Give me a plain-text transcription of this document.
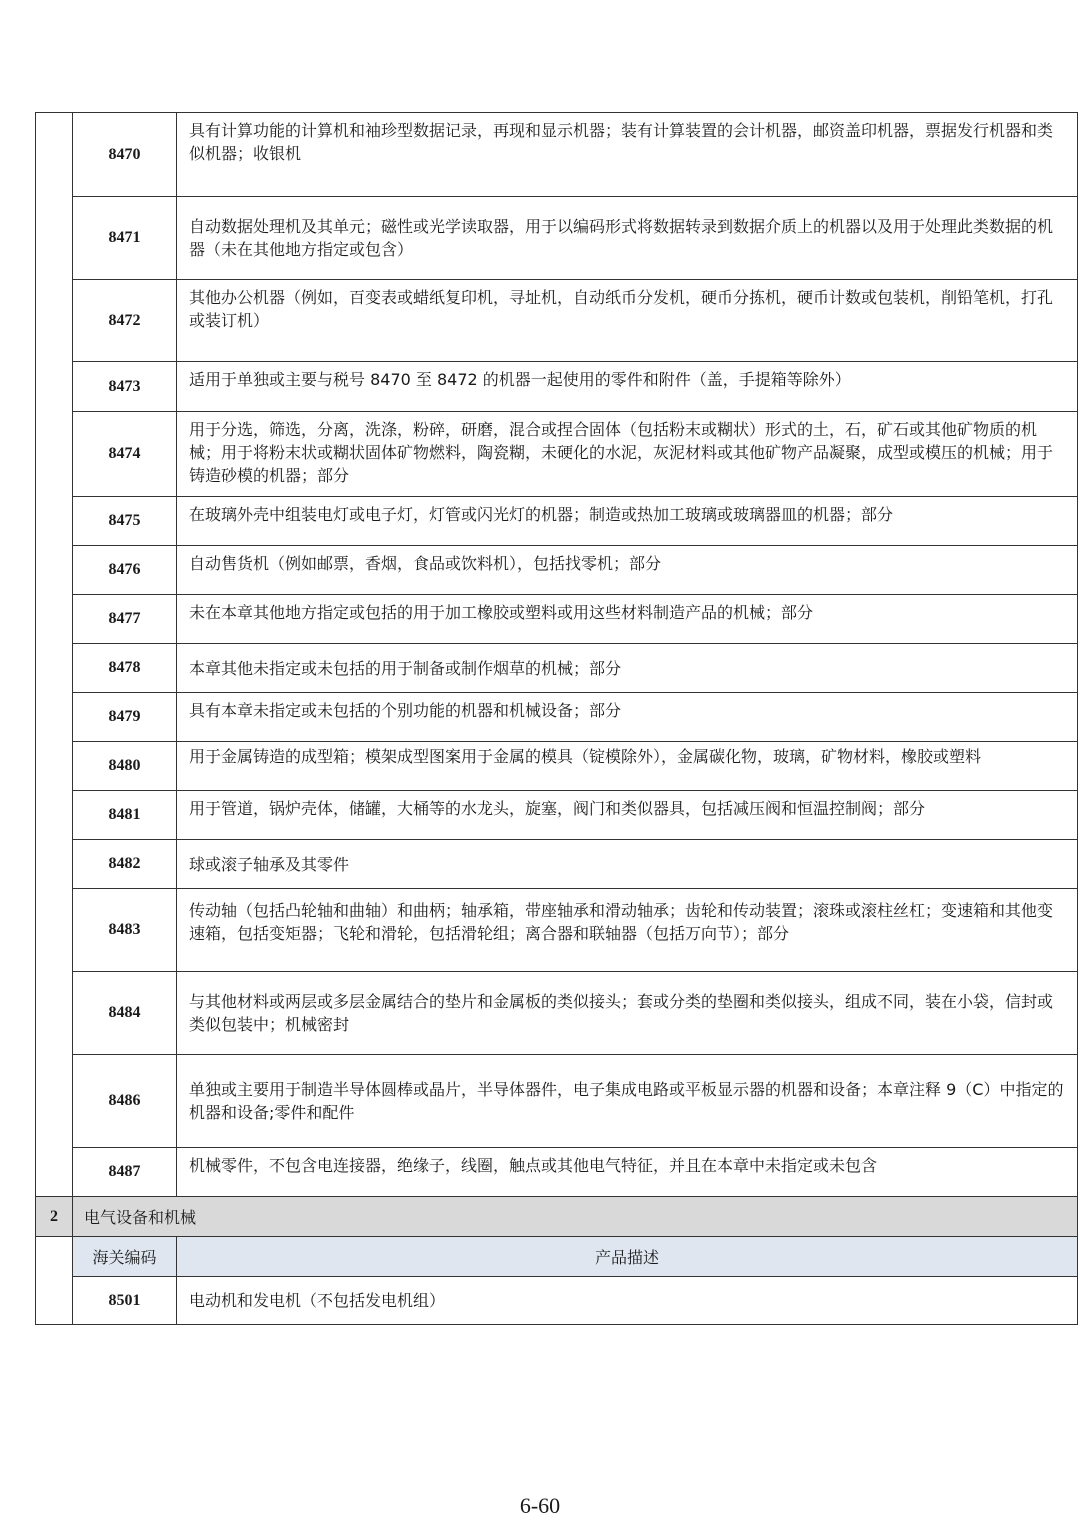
	8470	具有计算功能的计算机和袖珍型数据记录，再现和显示机器；装有计算装置的会计机器，邮资盖印机器，票据发行机器和类似机器；收银机
	8471	自动数据处理机及其单元；磁性或光学读取器，用于以编码形式将数据转录到数据介质上的机器以及用于处理此类数据的机器（未在其他地方指定或包含）
	8472	其他办公机器（例如，百变表或蜡纸复印机，寻址机，自动纸币分发机，硬币分拣机，硬币计数或包装机，削铅笔机，打孔或装订机）
	8473	适用于单独或主要与税号 8470 至 8472 的机器一起使用的零件和附件（盖，手提箱等除外）
	8474	用于分选，筛选，分离，洗涤，粉碎，研磨，混合或捏合固体（包括粉末或糊状）形式的土，石，矿石或其他矿物质的机械；用于将粉末状或糊状固体矿物燃料，陶瓷糊，未硬化的水泥，灰泥材料或其他矿物产品凝聚，成型或模压的机械；用于铸造砂模的机器；部分
	8475	在玻璃外壳中组装电灯或电子灯，灯管或闪光灯的机器；制造或热加工玻璃或玻璃器皿的机器；部分
	8476	自动售货机（例如邮票，香烟，食品或饮料机），包括找零机；部分
	8477	未在本章其他地方指定或包括的用于加工橡胶或塑料或用这些材料制造产品的机械；部分
	8478	本章其他未指定或未包括的用于制备或制作烟草的机械；部分
	8479	具有本章未指定或未包括的个别功能的机器和机械设备；部分
	8480	用于金属铸造的成型箱；模架成型图案用于金属的模具（锭模除外），金属碳化物，玻璃，矿物材料，橡胶或塑料
	8481	用于管道，锅炉壳体，储罐，大桶等的水龙头，旋塞，阀门和类似器具，包括减压阀和恒温控制阀；部分
	8482	球或滚子轴承及其零件
	8483	传动轴（包括凸轮轴和曲轴）和曲柄；轴承箱，带座轴承和滑动轴承；齿轮和传动装置；滚珠或滚柱丝杠；变速箱和其他变速箱，包括变矩器；飞轮和滑轮，包括滑轮组；离合器和联轴器（包括万向节）；部分
	8484	与其他材料或两层或多层金属结合的垫片和金属板的类似接头；套或分类的垫圈和类似接头，组成不同，装在小袋，信封或类似包装中；机械密封
	8486	单独或主要用于制造半导体圆棒或晶片，半导体器件，电子集成电路或平板显示器的机器和设备；本章注释 9（C）中指定的机器和设备;零件和配件
	8487	机械零件，不包含电连接器，绝缘子，线圈，触点或其他电气特征，并且在本章中未指定或未包含
2	电气设备和机械	
	海关编码	产品描述
	8501	电动机和发电机（不包括发电机组）
6-60
